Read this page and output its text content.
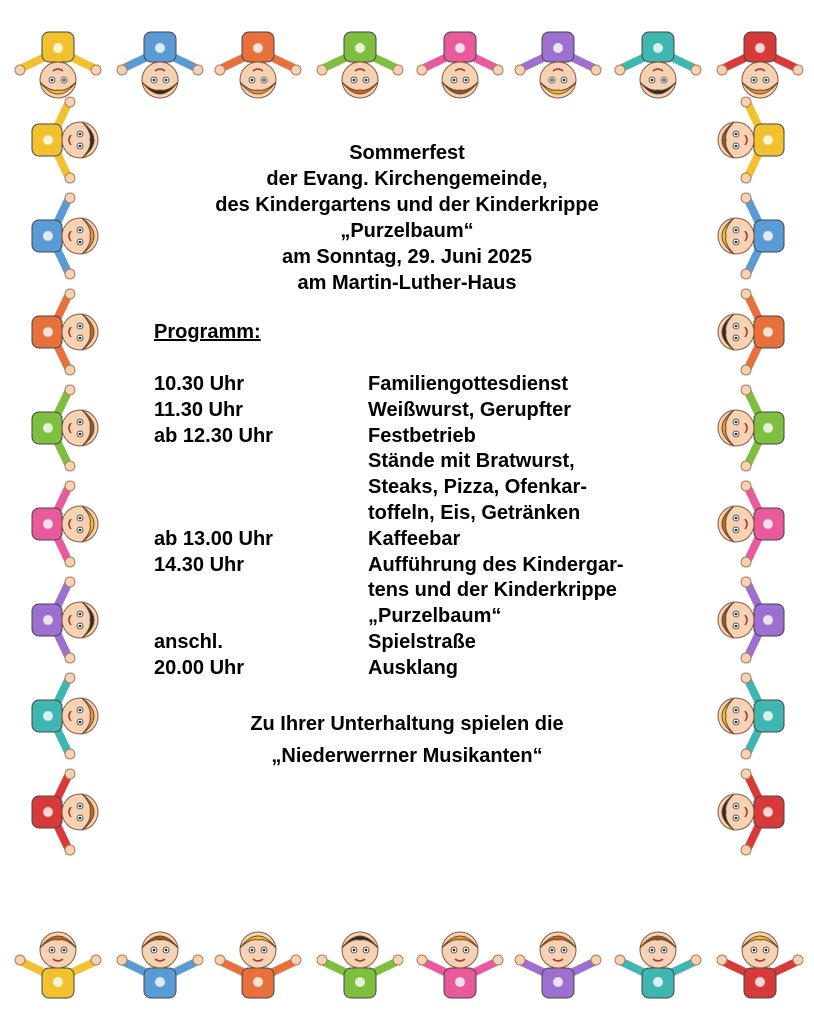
Sommerfest
der Evang. Kirchengemeinde,
des Kindergartens und der Kinderkrippe
„Purzelbaum“
am Sonntag, 29. Juni 2025
am Martin-Luther-Haus
Programm:
10.30 Uhr	Familiengottesdienst
11.30 Uhr	Weißwurst, Gerupfter
ab 12.30 Uhr	Festbetrieb
Stände mit Bratwurst,
Steaks, Pizza, Ofenkar-
toffeln, Eis, Getränken
ab 13.00 Uhr	Kaffeebar
14.30 Uhr	Aufführung des Kindergar-
tens und der Kinderkrippe
„Purzelbaum“
anschl.	Spielstraße
20.00 Uhr	Ausklang
Zu Ihrer Unterhaltung spielen die
„Niederwerrner Musikanten“
